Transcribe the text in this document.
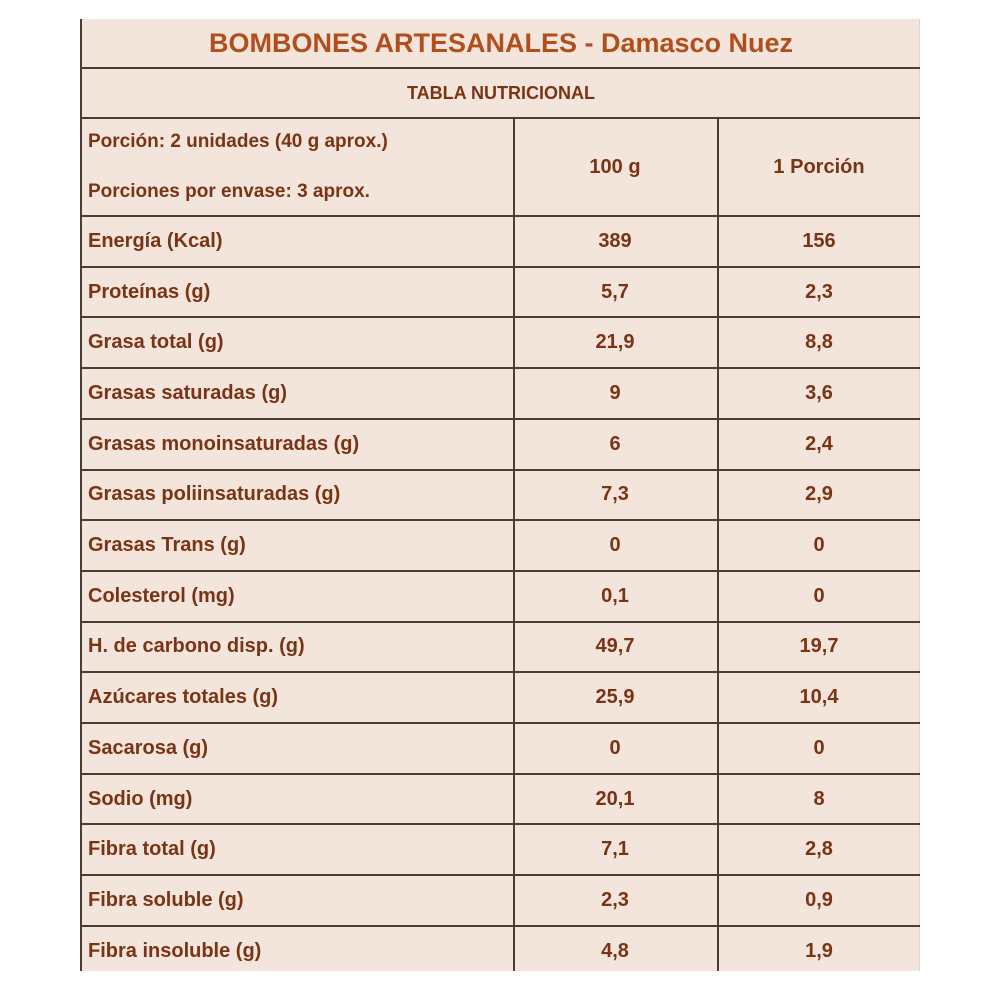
BOMBONES ARTESANALES - Damasco Nuez
TABLA NUTRICIONAL
Porción: 2 unidades (40 g aprox.)
Porciones por envase: 3 aprox.
100 g	1 Porción
Energía (Kcal)	389	156
Proteínas (g)	5,7	2,3
Grasa total (g)	21,9	8,8
Grasas saturadas (g)	9	3,6
Grasas monoinsaturadas (g)	6	2,4
Grasas poliinsaturadas (g)	7,3	2,9
Grasas Trans (g)	0	0
Colesterol (mg)	0,1	0
H. de carbono disp. (g)	49,7	19,7
Azúcares totales (g)	25,9	10,4
Sacarosa (g)	0	0
Sodio (mg)	20,1	8
Fibra total (g)	7,1	2,8
Fibra soluble (g)	2,3	0,9
Fibra insoluble (g)	4,8	1,9
